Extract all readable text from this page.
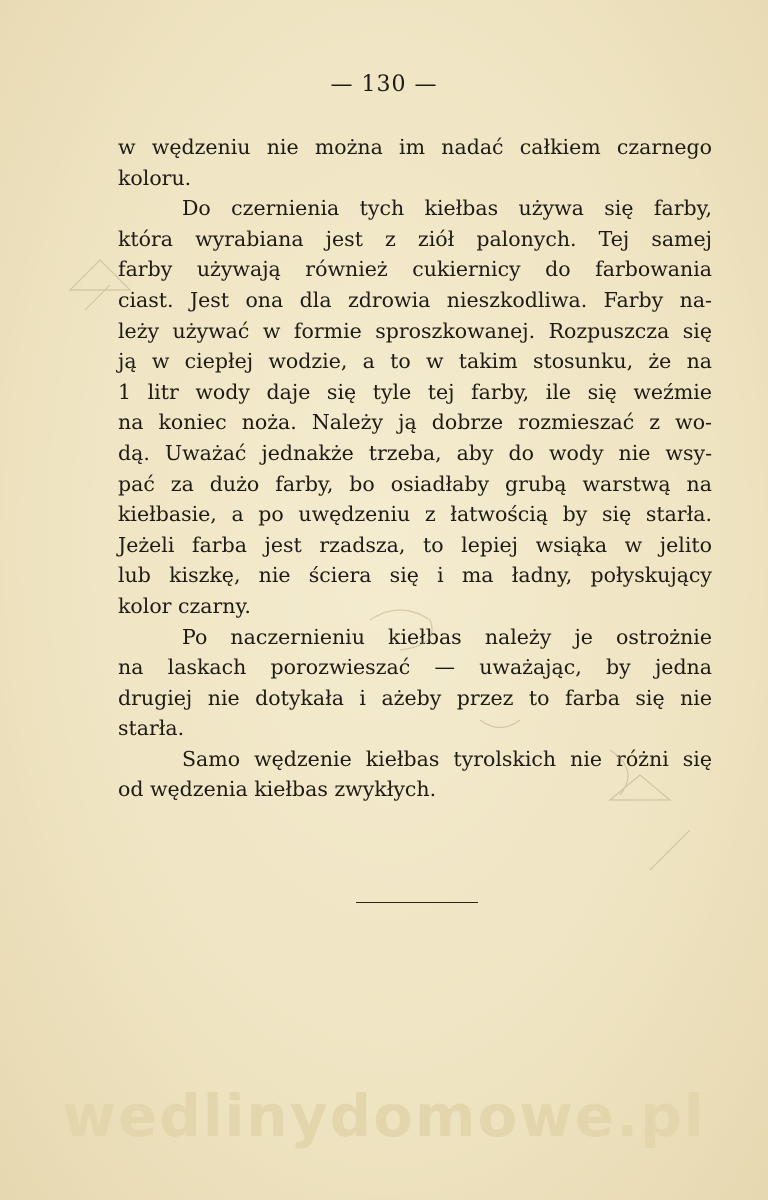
— 130 —

w wędzeniu nie można im nadać całkiem czarnego
koloru.

Do czernienia tych kiełbas używa się farby,
która wyrabiana jest z ziół palonych. Tej samej
farby używają również cukiernicy do farbowania
ciast. Jest ona dla zdrowia nieszkodliwa. Farby na-
leży używać w formie sproszkowanej. Rozpuszcza się
ją w ciepłej wodzie, a to w takim stosunku, że na
1 litr wody daje się tyle tej farby, ile się weźmie
na koniec noża. Należy ją dobrze rozmieszać z wo-
dą. Uważać jednakże trzeba, aby do wody nie wsy-
pać za dużo farby, bo osiadłaby grubą warstwą na
kiełbasie, a po uwędzeniu z łatwością by się starła.
Jeżeli farba jest rzadsza, to lepiej wsiąka w jelito
lub kiszkę, nie ściera się i ma ładny, połyskujący
kolor czarny.

Po naczernieniu kiełbas należy je ostrożnie
na laskach porozwieszać — uważając, by jedna
drugiej nie dotykała i ażeby przez to farba się nie
starła.

Samo wędzenie kiełbas tyrolskich nie różni się
od wędzenia kiełbas zwykłych.

wedlinydomowe.pl
